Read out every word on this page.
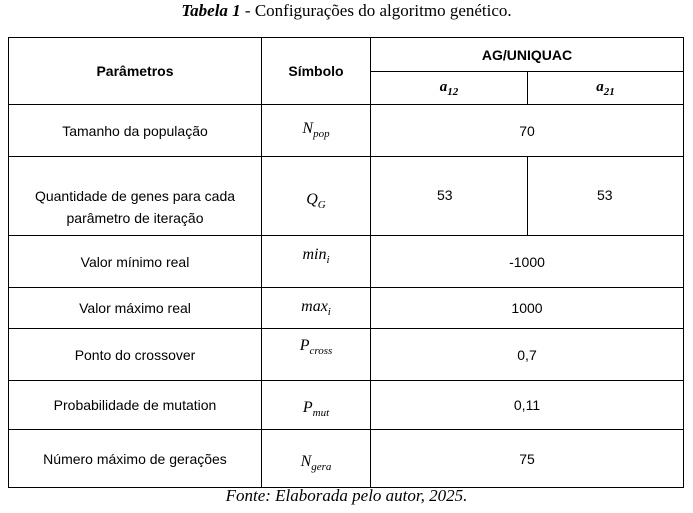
Tabela 1 - Configurações do algoritmo genético.
Parâmetros	Símbolo	AG/UNIQUAC	
		$a_{12}$	$a_{21}$
Tamanho da população	$N_{pop}$	70	
Quantidade de genes para cada parâmetro de iteração	$Q_G$	53	53
Valor mínimo real	$\min_i$	-1000	
Valor máximo real	$\max_i$	1000	
Ponto do crossover	$P_{cross}$	0,7	
Probabilidade de mutation	$P_{mut}$	0,11	
Número máximo de gerações	$N_{gera}$	75	
Fonte: Elaborada pelo autor, 2025.
